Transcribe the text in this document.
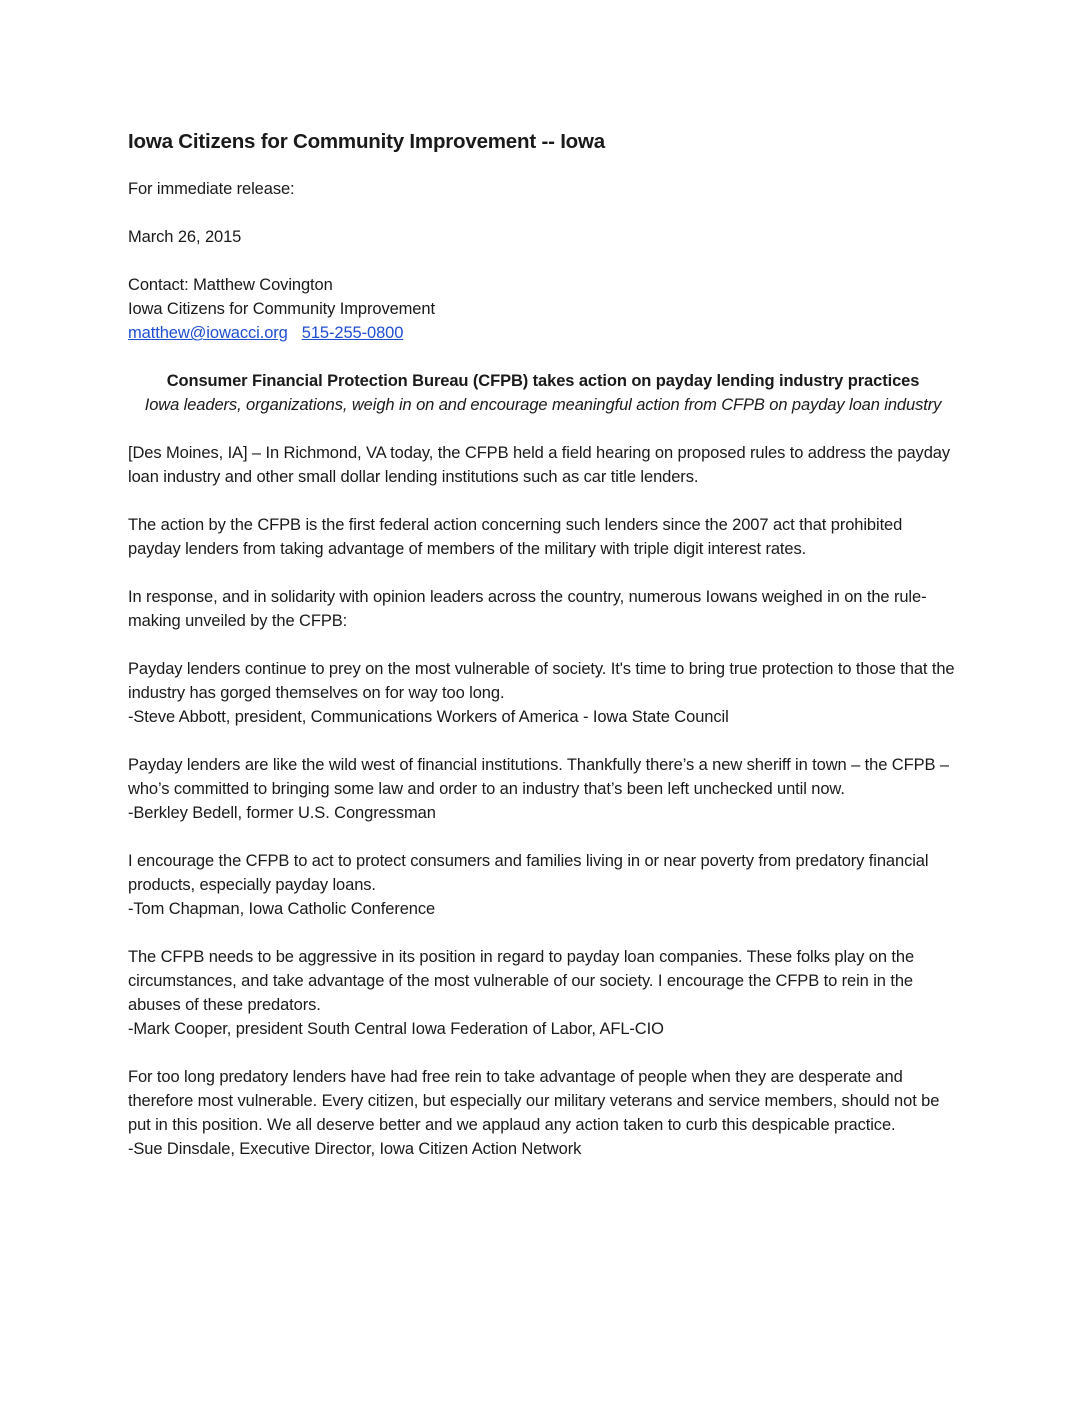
Iowa Citizens for Community Improvement -- Iowa

For immediate release:

March 26, 2015

Contact: Matthew Covington
Iowa Citizens for Community Improvement
matthew@iowacci.org 515-255-0800

Consumer Financial Protection Bureau (CFPB) takes action on payday lending industry practices
Iowa leaders, organizations, weigh in on and encourage meaningful action from CFPB on payday loan industry

[Des Moines, IA] – In Richmond, VA today, the CFPB held a field hearing on proposed rules to address the payday loan industry and other small dollar lending institutions such as car title lenders.

The action by the CFPB is the first federal action concerning such lenders since the 2007 act that prohibited payday lenders from taking advantage of members of the military with triple digit interest rates.

In response, and in solidarity with opinion leaders across the country, numerous Iowans weighed in on the rule-making unveiled by the CFPB:

Payday lenders continue to prey on the most vulnerable of society. It's time to bring true protection to those that the industry has gorged themselves on for way too long.

-Steve Abbott, president, Communications Workers of America - Iowa State Council

Payday lenders are like the wild west of financial institutions. Thankfully there’s a new sheriff in town – the CFPB – who’s committed to bringing some law and order to an industry that’s been left unchecked until now.

-Berkley Bedell, former U.S. Congressman

I encourage the CFPB to act to protect consumers and families living in or near poverty from predatory financial products, especially payday loans.

-Tom Chapman, Iowa Catholic Conference

The CFPB needs to be aggressive in its position in regard to payday loan companies. These folks play on the circumstances, and take advantage of the most vulnerable of our society. I encourage the CFPB to rein in the abuses of these predators.

-Mark Cooper, president South Central Iowa Federation of Labor, AFL-CIO

For too long predatory lenders have had free rein to take advantage of people when they are desperate and therefore most vulnerable. Every citizen, but especially our military veterans and service members, should not be put in this position. We all deserve better and we applaud any action taken to curb this despicable practice.

-Sue Dinsdale, Executive Director, Iowa Citizen Action Network
